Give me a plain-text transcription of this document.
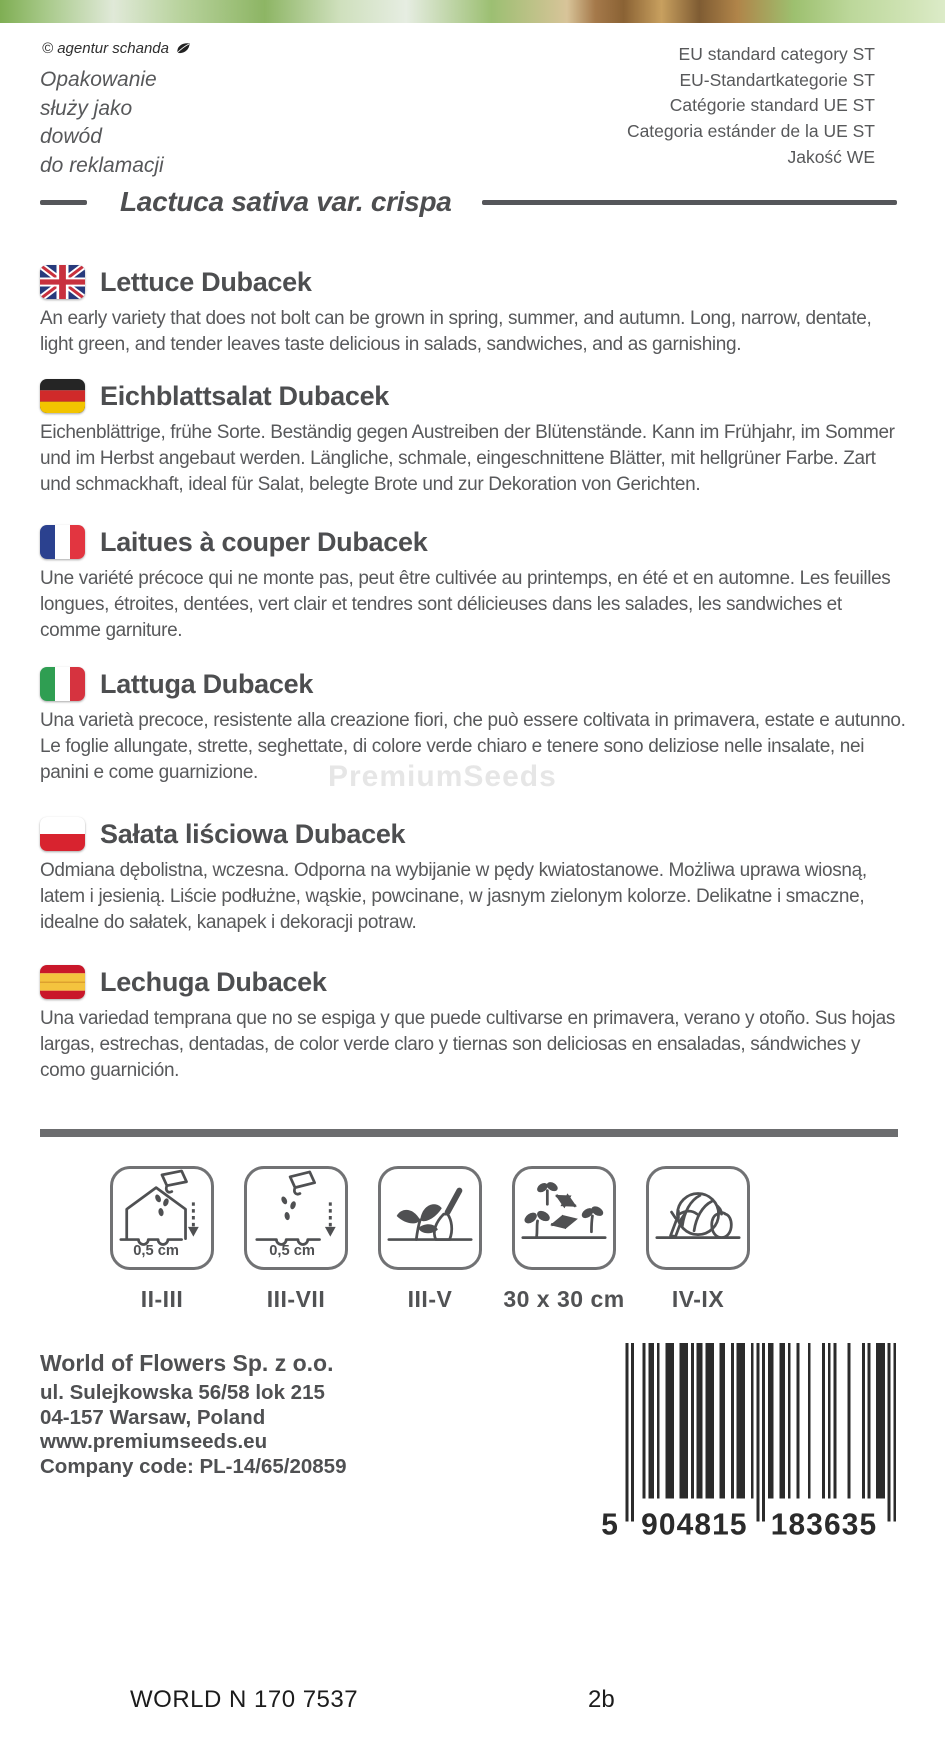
© agentur schanda
Opakowanie
służy jako
dowód
do reklamacji
EU standard category ST
EU-Standartkategorie ST
Catégorie standard UE ST
Categoria estánder de la UE ST
Jakość WE
Lactuca sativa var. crispa
PremiumSeeds
Lettuce Dubacek

An early variety that does not bolt can be grown in spring, summer, and autumn. Long, narrow, dentate, light green, and tender leaves taste delicious in salads, sandwiches, and as garnishing.

Eichblattsalat Dubacek

Eichenblättrige, frühe Sorte. Beständig gegen Austreiben der Blütenstände. Kann im Frühjahr, im Sommer und im Herbst angebaut werden. Längliche, schmale, eingeschnittene Blätter, mit hellgrüner Farbe. Zart und schmackhaft, ideal für Salat, belegte Brote und zur Dekoration von Gerichten.

Laitues à couper Dubacek

Une variété précoce qui ne monte pas, peut être cultivée au printemps, en été et en automne. Les feuilles longues, étroites, dentées, vert clair et tendres sont délicieuses dans les salades, les sandwiches et comme garniture.

Lattuga Dubacek

Una varietà precoce, resistente alla creazione fiori, che può essere coltivata in primavera, estate e autunno. Le foglie allungate, strette, seghettate, di colore verde chiaro e tenere sono deliziose nelle insalate, nei panini e come guarnizione.

Sałata liściowa Dubacek

Odmiana dębolistna, wczesna. Odporna na wybijanie w pędy kwiatostanowe. Możliwa uprawa wiosną, latem i jesienią. Liście podłużne, wąskie, powcinane, w jasnym zielonym kolorze. Delikatne i smaczne, idealne do sałatek, kanapek i dekoracji potraw.

Lechuga Dubacek

Una variedad temprana que no se espiga y que puede cultivarse en primavera, verano y otoño. Sus hojas largas, estrechas, dentadas, de color verde claro y tiernas son deliciosas en ensaladas, sándwiches y como guarnición.

0,5 cm
II-III
0,5 cm
III-VII	III-V 30 x 30 cm IV-IX
World of Flowers Sp. z o.o.
ul. Sulejkowska 56/58 lok 215
04-157 Warsaw, Poland
www.premiumseeds.eu
Company code: PL-14/65/20859
5 904815 183635
WORLD N 170 7537	2b
